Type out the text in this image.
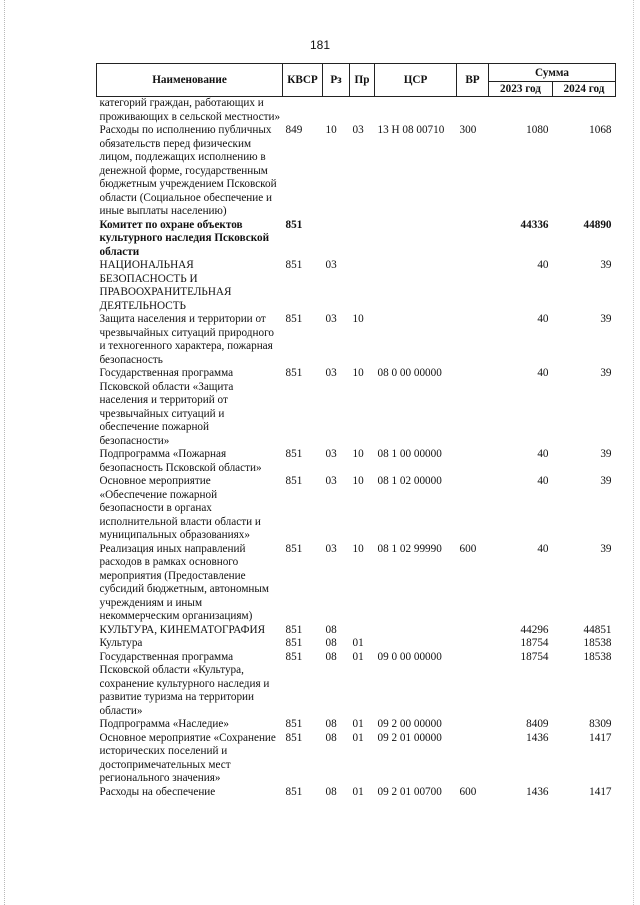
181
Наименование	КВСР	Рз	Пр	ЦСР	ВР	Сумма	
						2023 год	2024 год
категорий граждан, работающих и проживающих в сельской местности»							
Расходы по исполнению публичных обязательств перед физическим лицом, подлежащих исполнению в денежной форме, государственным бюджетным учреждением Псковской области (Социальное обеспечение и иные выплаты населению)	849	10	03	13 Н 08 00710	300	1080	1068
Комитет по охране объектов культурного наследия Псковской области	851					44336	44890
НАЦИОНАЛЬНАЯ БЕЗОПАСНОСТЬ И ПРАВООХРАНИТЕЛЬНАЯ ДЕЯТЕЛЬНОСТЬ	851	03				40	39
Защита населения и территории от чрезвычайных ситуаций природного и техногенного характера, пожарная безопасность	851	03	10			40	39
Государственная программа Псковской области «Защита населения и территорий от чрезвычайных ситуаций и обеспечение пожарной безопасности»	851	03	10	08 0 00 00000		40	39
Подпрограмма «Пожарная безопасность Псковской области»	851	03	10	08 1 00 00000		40	39
Основное мероприятие «Обеспечение пожарной безопасности в органах исполнительной власти области и муниципальных образованиях»	851	03	10	08 1 02 00000		40	39
Реализация иных направлений расходов в рамках основного мероприятия (Предоставление субсидий бюджетным, автономным учреждениям и иным некоммерческим организациям)	851	03	10	08 1 02 99990	600	40	39
КУЛЬТУРА, КИНЕМАТОГРАФИЯ	851	08				44296	44851
Культура	851	08	01			18754	18538
Государственная программа Псковской области «Культура, сохранение культурного наследия и развитие туризма на территории области»	851	08	01	09 0 00 00000		18754	18538
Подпрограмма «Наследие»	851	08	01	09 2 00 00000		8409	8309
Основное мероприятие «Сохранение исторических поселений и достопримечательных мест регионального значения»	851	08	01	09 2 01 00000		1436	1417
Расходы на обеспечение	851	08	01	09 2 01 00700	600	1436	1417
